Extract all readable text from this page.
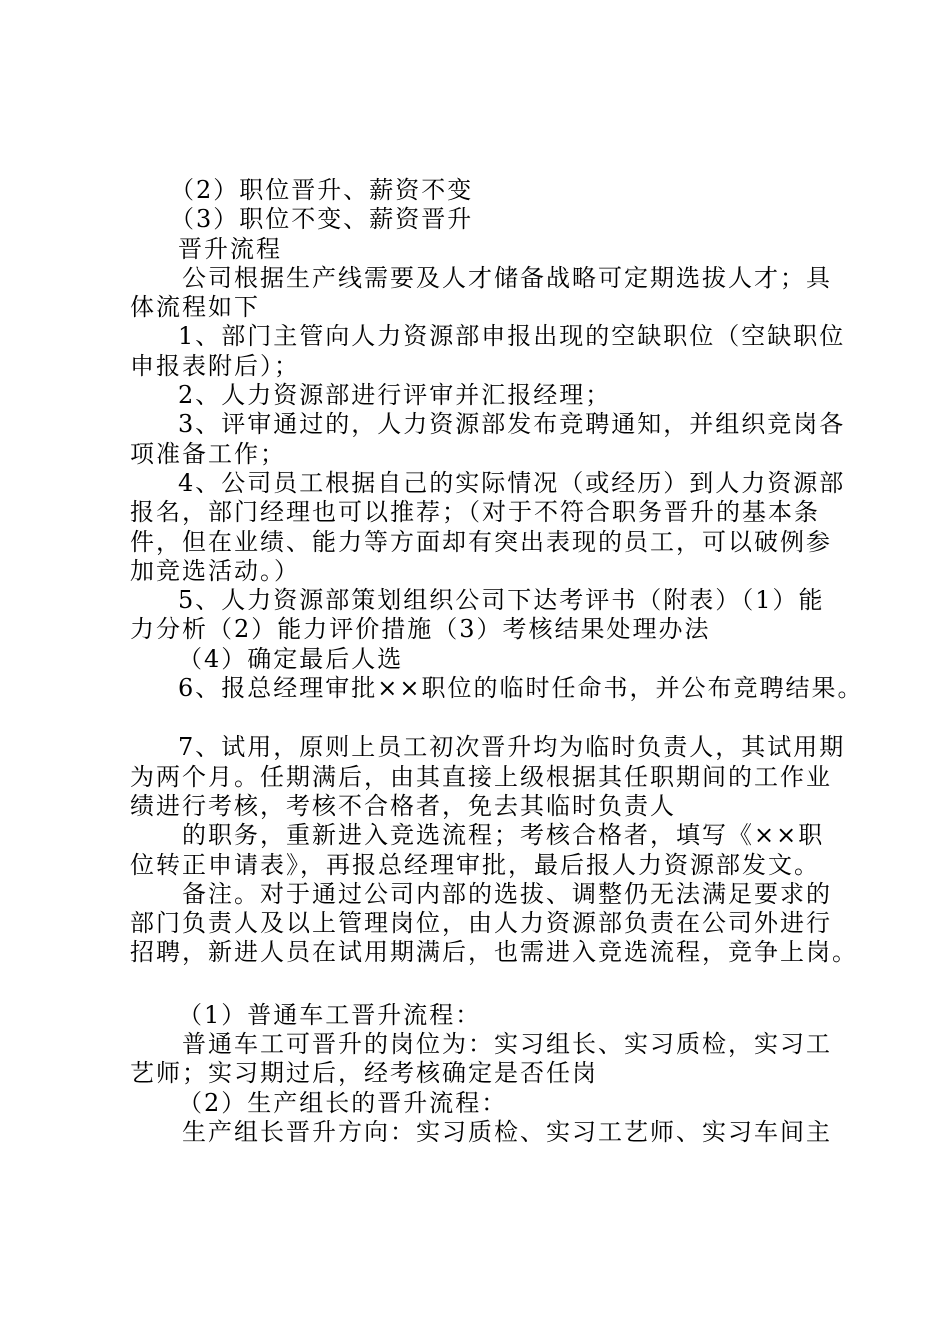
（2）职位晋升、薪资不变

（3）职位不变、薪资晋升

晋升流程

公司根据生产线需要及人才储备战略可定期选拔人才；具

体流程如下

1、部门主管向人力资源部申报出现的空缺职位（空缺职位

申报表附后）；

2、人力资源部进行评审并汇报经理；

3、评审通过的，人力资源部发布竞聘通知，并组织竞岗各

项准备工作；

4、公司员工根据自己的实际情况（或经历）到人力资源部

报名，部门经理也可以推荐；（对于不符合职务晋升的基本条

件，但在业绩、能力等方面却有突出表现的员工，可以破例参

加竞选活动。）

5、人力资源部策划组织公司下达考评书（附表）（1）能

力分析（2）能力评价措施（3）考核结果处理办法

（4）确定最后人选

6、报总经理审批××职位的临时任命书，并公布竞聘结果。

7、试用，原则上员工初次晋升均为临时负责人，其试用期

为两个月。任期满后，由其直接上级根据其任职期间的工作业

绩进行考核，考核不合格者，免去其临时负责人

的职务，重新进入竞选流程；考核合格者，填写《××职

位转正申请表》，再报总经理审批，最后报人力资源部发文。

备注。对于通过公司内部的选拔、调整仍无法满足要求的

部门负责人及以上管理岗位，由人力资源部负责在公司外进行

招聘，新进人员在试用期满后，也需进入竞选流程，竞争上岗。

（1）普通车工晋升流程：

普通车工可晋升的岗位为：实习组长、实习质检，实习工

艺师；实习期过后，经考核确定是否任岗

（2）生产组长的晋升流程：

生产组长晋升方向：实习质检、实习工艺师、实习车间主
